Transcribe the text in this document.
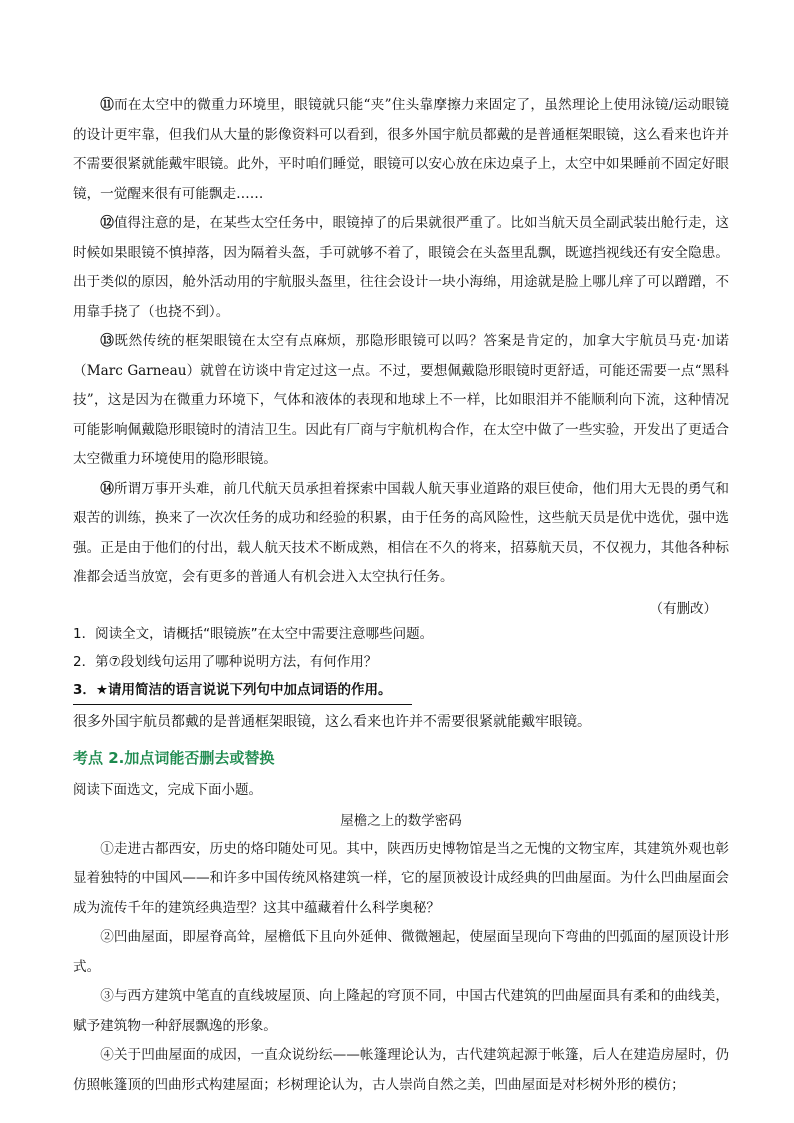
⑪而在太空中的微重力环境里，眼镜就只能“夹”住头靠摩擦力来固定了，虽然理论上使用泳镜/运动眼镜的设计更牢靠，但我们从大量的影像资料可以看到，很多外国宇航员都戴的是普通框架眼镜，这么看来也许并不需要很紧就能戴牢眼镜。此外，平时咱们睡觉，眼镜可以安心放在床边桌子上，太空中如果睡前不固定好眼镜，一觉醒来很有可能飘走……

⑫值得注意的是，在某些太空任务中，眼镜掉了的后果就很严重了。比如当航天员全副武装出舱行走，这时候如果眼镜不慎掉落，因为隔着头盔，手可就够不着了，眼镜会在头盔里乱飘，既遮挡视线还有安全隐患。出于类似的原因，舱外活动用的宇航服头盔里，往往会设计一块小海绵，用途就是脸上哪儿痒了可以蹭蹭，不用靠手挠了（也挠不到）。

⑬既然传统的框架眼镜在太空有点麻烦，那隐形眼镜可以吗？答案是肯定的，加拿大宇航员马克·加诺（Marc Garneau）就曾在访谈中肯定过这一点。不过，要想佩戴隐形眼镜时更舒适，可能还需要一点“黑科技”，这是因为在微重力环境下，气体和液体的表现和地球上不一样，比如眼泪并不能顺利向下流，这种情况可能影响佩戴隐形眼镜时的清洁卫生。因此有厂商与宇航机构合作，在太空中做了一些实验，开发出了更适合太空微重力环境使用的隐形眼镜。

⑭所谓万事开头难，前几代航天员承担着探索中国载人航天事业道路的艰巨使命，他们用大无畏的勇气和艰苦的训练，换来了一次次任务的成功和经验的积累，由于任务的高风险性，这些航天员是优中选优，强中选强。正是由于他们的付出，载人航天技术不断成熟，相信在不久的将来，招募航天员，不仅视力，其他各种标准都会适当放宽，会有更多的普通人有机会进入太空执行任务。

（有删改）

1．阅读全文，请概括“眼镜族”在太空中需要注意哪些问题。

2．第⑦段划线句运用了哪种说明方法，有何作用？

3．★请用简洁的语言说说下列句中加点词语的作用。

很多外国宇航员都戴的是普通框架眼镜，这么看来也许并不需要很紧就能戴牢眼镜。

考点 2.加点词能否删去或替换

阅读下面选文，完成下面小题。

屋檐之上的数学密码

①走进古都西安，历史的烙印随处可见。其中，陕西历史博物馆是当之无愧的文物宝库，其建筑外观也彰显着独特的中国风——和许多中国传统风格建筑一样，它的屋顶被设计成经典的凹曲屋面。为什么凹曲屋面会成为流传千年的建筑经典造型？这其中蕴藏着什么科学奥秘？

②凹曲屋面，即屋脊高耸，屋檐低下且向外延伸、微微翘起，使屋面呈现向下弯曲的凹弧面的屋顶设计形式。

③与西方建筑中笔直的直线坡屋顶、向上隆起的穹顶不同，中国古代建筑的凹曲屋面具有柔和的曲线美，赋予建筑物一种舒展飘逸的形象。

④关于凹曲屋面的成因，一直众说纷纭——帐篷理论认为，古代建筑起源于帐篷，后人在建造房屋时，仍仿照帐篷顶的凹曲形式构建屋面；杉树理论认为，古人崇尚自然之美，凹曲屋面是对杉树外形的模仿；
